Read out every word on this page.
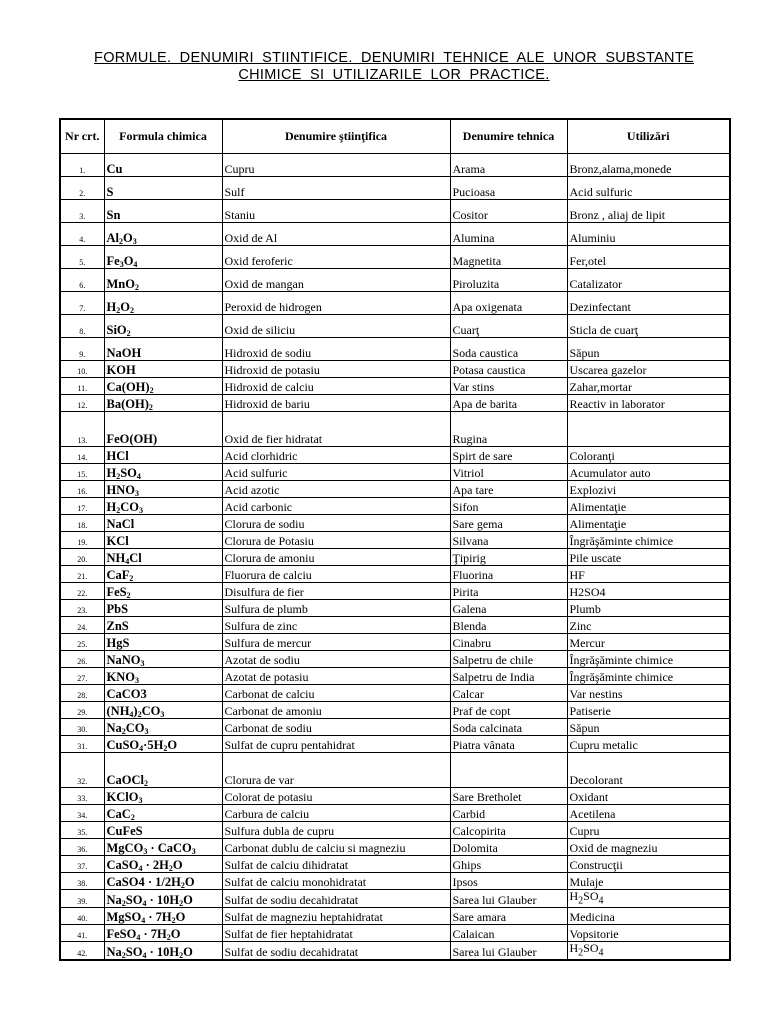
FORMULE. DENUMIRI STIINTIFICE. DENUMIRI TEHNICE ALE UNOR SUBSTANTE
CHIMICE SI UTILIZARILE LOR PRACTICE.
Nr crt.	Formula chimica	Denumire ştiinţifica	Denumire tehnica	Utilizări
1.	Cu	Cupru	Arama	Bronz,alama,monede
2.	S	Sulf	Pucioasa	Acid sulfuric
3.	Sn	Staniu	Cositor	Bronz , aliaj de lipit
4.	$Al_2O_3$	Oxid de Al	Alumina	Aluminiu
5.	$Fe_3O_4$	Oxid feroferic	Magnetita	Fer,otel
6.	MnO$_2$	Oxid de mangan	Piroluzita	Catalizator
7.	$H_2O_2$	Peroxid de hidrogen	Apa oxigenata	Dezinfectant
8.	SiO$_2$	Oxid de siliciu	Cuarţ	Sticla de cuarţ
9.	NaOH	Hidroxid de sodiu	Soda caustica	Săpun
10.	KOH	Hidroxid de potasiu	Potasa caustica	Uscarea gazelor
11.	$Ca(OH)_2$	Hidroxid de calciu	Var stins	Zahar,mortar
12.	$Ba(OH)_2$	Hidroxid de bariu	Apa de barita	Reactiv in laborator
13.	FeO(OH)	Oxid de fier hidratat	Rugina	
14.	HCl	Acid clorhidric	Spirt de sare	Coloranţi
15.	$H_2SO_4$	Acid sulfuric	Vitriol	Acumulator auto
16.	$HNO_3$	Acid azotic	Apa tare	Explozivi
17.	$H_2CO_3$	Acid carbonic	Sifon	Alimentaţie
18.	NaCl	Clorura de sodiu	Sare gema	Alimentaţie
19.	KCl	Clorura de Potasiu	Silvana	Îngrăşăminte chimice
20.	$NH_4Cl$	Clorura de amoniu	Ţipirig	Pile uscate
21.	CaF$_2$	Fluorura de calciu	Fluorina	HF
22.	FeS$_2$	Disulfura de fier	Pirita	H2SO4
23.	PbS	Sulfura de plumb	Galena	Plumb
24.	ZnS	Sulfura de zinc	Blenda	Zinc
25.	HgS	Sulfura de mercur	Cinabru	Mercur
26.	NaNO$_3$	Azotat de sodiu	Salpetru de chile	Îngrăşăminte chimice
27.	$KNO_3$	Azotat de potasiu	Salpetru de India	Îngrăşăminte chimice
28.	CaCO3	Carbonat de calciu	Calcar	Var nestins
29.	$(NH_4)_2CO_3$	Carbonat de amoniu	Praf de copt	Patiserie
30.	$Na_2CO_3$	Carbonat de sodiu	Soda calcinata	Săpun
31.	$CuSO_4\cdot 5H_2O$	Sulfat de cupru pentahidrat	Piatra vânata	Cupru metalic
32.	CaOCl$_2$	Clorura de var		Decolorant
33.	KClO$_3$	Colorat de potasiu	Sare Bretholet	Oxidant
34.	CaC$_2$	Carbura de calciu	Carbid	Acetilena
35.	CuFeS	Sulfura dubla de cupru	Calcopirita	Cupru
36.	MgCO$_3$ · CaCO$_3$	Carbonat dublu de calciu si magneziu	Dolomita	Oxid de magneziu
37.	CaSO$_4$ · $2H_2O$	Sulfat de calciu dihidratat	Ghips	Construcţii
38.	CaSO4 · $1/2H_2O$	Sulfat de calciu monohidratat	Ipsos	Mulaje
39.	$Na_2SO_4 \cdot 10H_2O$	Sulfat de sodiu decahidratat	Sarea lui Glauber	$H_2SO_4$
40.	MgSO$_4$ · $7H_2O$	Sulfat de magneziu heptahidratat	Sare amara	Medicina
41.	FeSO$_4$ · $7H_2O$	Sulfat de fier heptahidratat	Calaican	Vopsitorie
42.	$Na_2SO_4 \cdot 10H_2O$	Sulfat de sodiu decahidratat	Sarea lui Glauber	$H_2SO_4$
